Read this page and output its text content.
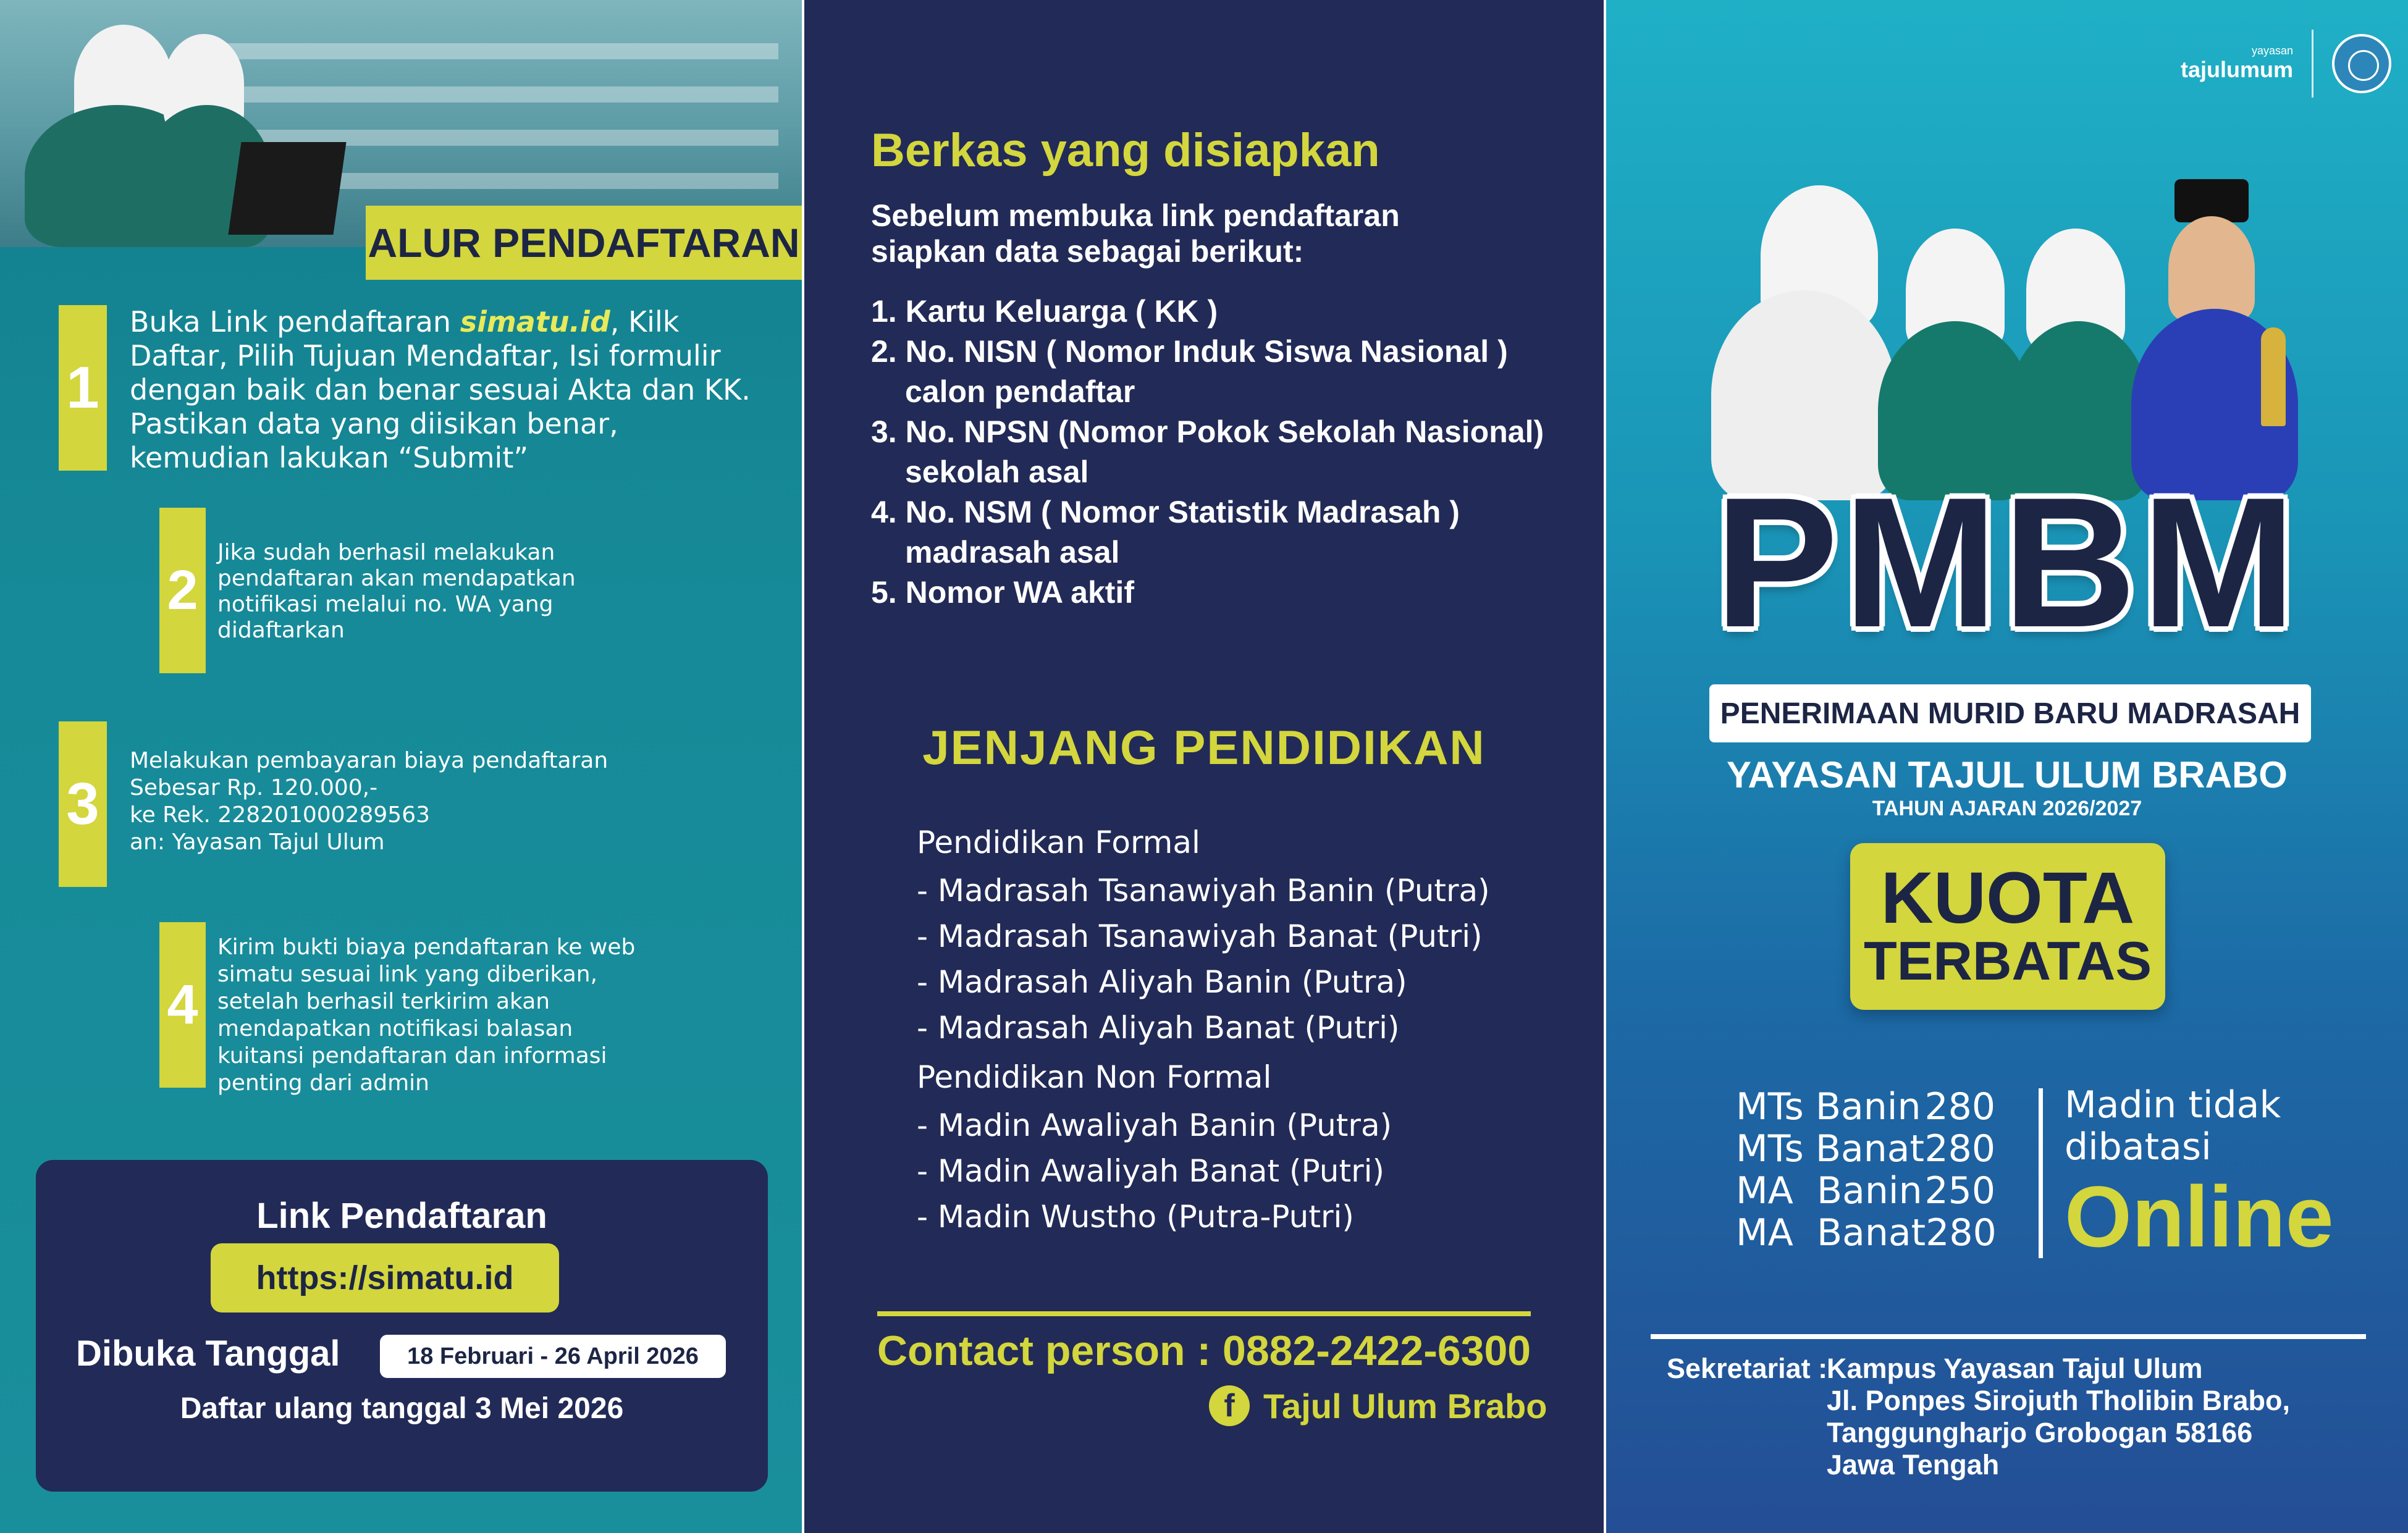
ALUR PENDAFTARAN
1
Buka Link pendaftaran simatu.id, Kilk Daftar, Pilih Tujuan Mendaftar, Isi formulir dengan baik dan benar sesuai Akta dan KK. Pastikan data yang diisikan benar, kemudian lakukan “Submit”
2
Jika sudah berhasil melakukan pendaftaran akan mendapatkan notifikasi melalui no. WA yang didaftarkan
3
Melakukan pembayaran biaya pendaftaran
Sebesar Rp. 120.000,-
ke Rek. 228201000289563
an: Yayasan Tajul Ulum
4
Kirim bukti biaya pendaftaran ke web simatu sesuai link yang diberikan, setelah berhasil terkirim akan mendapatkan notifikasi balasan kuitansi pendaftaran dan informasi penting dari admin
Link Pendaftaran
https://simatu.id
Dibuka Tanggal	18 Februari - 26 April 2026
Daftar ulang tanggal 3 Mei 2026
Berkas yang disiapkan
Sebelum membuka link pendaftaran
siapkan data sebagai berikut:
1. Kartu Keluarga ( KK )
2. No. NISN ( Nomor Induk Siswa Nasional ) calon pendaftar
3. No. NPSN (Nomor Pokok Sekolah Nasional) sekolah asal
4. No. NSM ( Nomor Statistik Madrasah ) madrasah asal
5. Nomor WA aktif
JENJANG PENDIDIKAN
Pendidikan Formal
- Madrasah Tsanawiyah Banin (Putra)
- Madrasah Tsanawiyah Banat (Putri)
- Madrasah Aliyah Banin (Putra)
- Madrasah Aliyah Banat (Putri)
Pendidikan Non Formal
- Madin Awaliyah Banin (Putra)
- Madin Awaliyah Banat (Putri)
- Madin Wustho (Putra-Putri)
Contact person : 0882-2422-6300
f Tajul Ulum Brabo
yayasan
tajulumum
PMBM
PENERIMAAN MURID BARU MADRASAH
YAYASAN TAJUL ULUM BRABO
TAHUN AJARAN 2026/2027
KUOTA
TERBATAS
MTs Banin 280
MTs Banat 280
MA  Banin 250
MA  Banat 280
Madin tidak
dibatasi
Online
Sekretariat :
Kampus Yayasan Tajul Ulum
Jl. Ponpes Sirojuth Tholibin Brabo,
Tanggungharjo Grobogan 58166
Jawa Tengah
